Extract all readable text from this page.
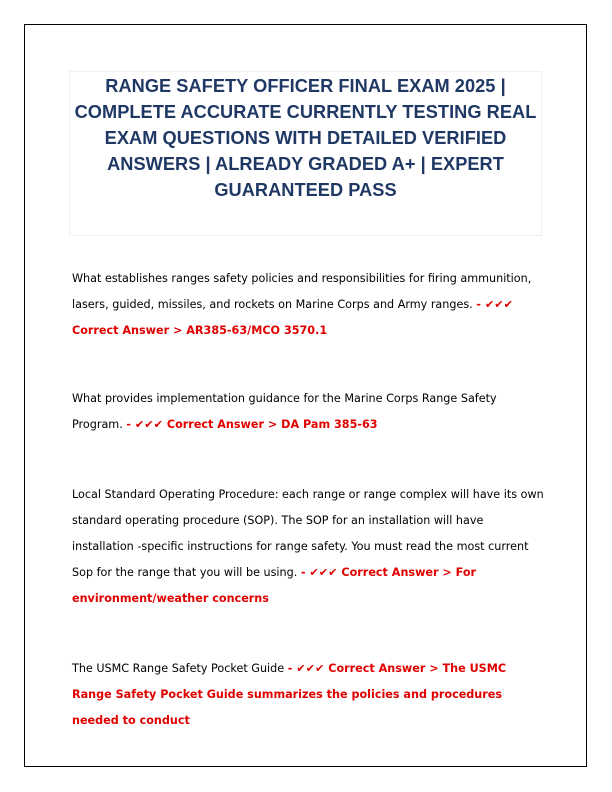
RANGE SAFETY OFFICER FINAL EXAM 2025 | COMPLETE ACCURATE CURRENTLY TESTING REAL EXAM QUESTIONS WITH DETAILED VERIFIED ANSWERS | ALREADY GRADED A+ | EXPERT GUARANTEED PASS

What establishes ranges safety policies and responsibilities for firing ammunition, lasers, guided, missiles, and rockets on Marine Corps and Army ranges. - ✔✔✔ Correct Answer > AR385-63/MCO 3570.1

What provides implementation guidance for the Marine Corps Range Safety Program. - ✔✔✔ Correct Answer > DA Pam 385-63

Local Standard Operating Procedure: each range or range complex will have its own standard operating procedure (SOP). The SOP for an installation will have installation -specific instructions for range safety. You must read the most current Sop for the range that you will be using. - ✔✔✔ Correct Answer > For environment/weather concerns

The USMC Range Safety Pocket Guide - ✔✔✔ Correct Answer > The USMC Range Safety Pocket Guide summarizes the policies and procedures needed to conduct
